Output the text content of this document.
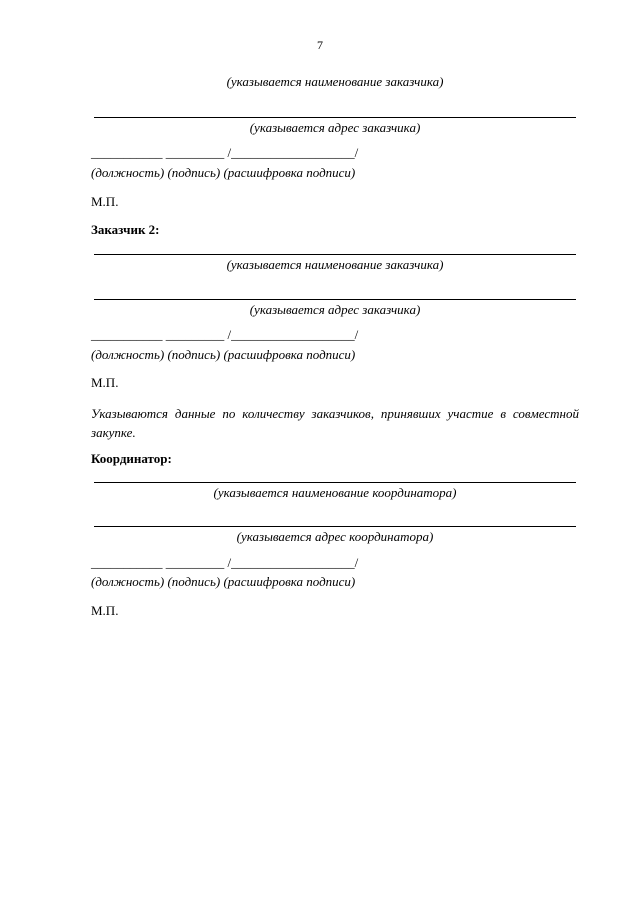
7
(указывается наименование заказчика)
(указывается адрес заказчика)
___________ _________ /___________________/
(должность) (подпись) (расшифровка подписи)
М.П.
Заказчик 2:
(указывается наименование заказчика)
(указывается адрес заказчика)
___________ _________ /___________________/
(должность) (подпись) (расшифровка подписи)
М.П.
Указываются данные по количеству заказчиков, принявших участие в совместной закупке.
Координатор:
(указывается наименование координатора)
(указывается адрес координатора)
___________ _________ /___________________/
(должность) (подпись) (расшифровка подписи)
М.П.
